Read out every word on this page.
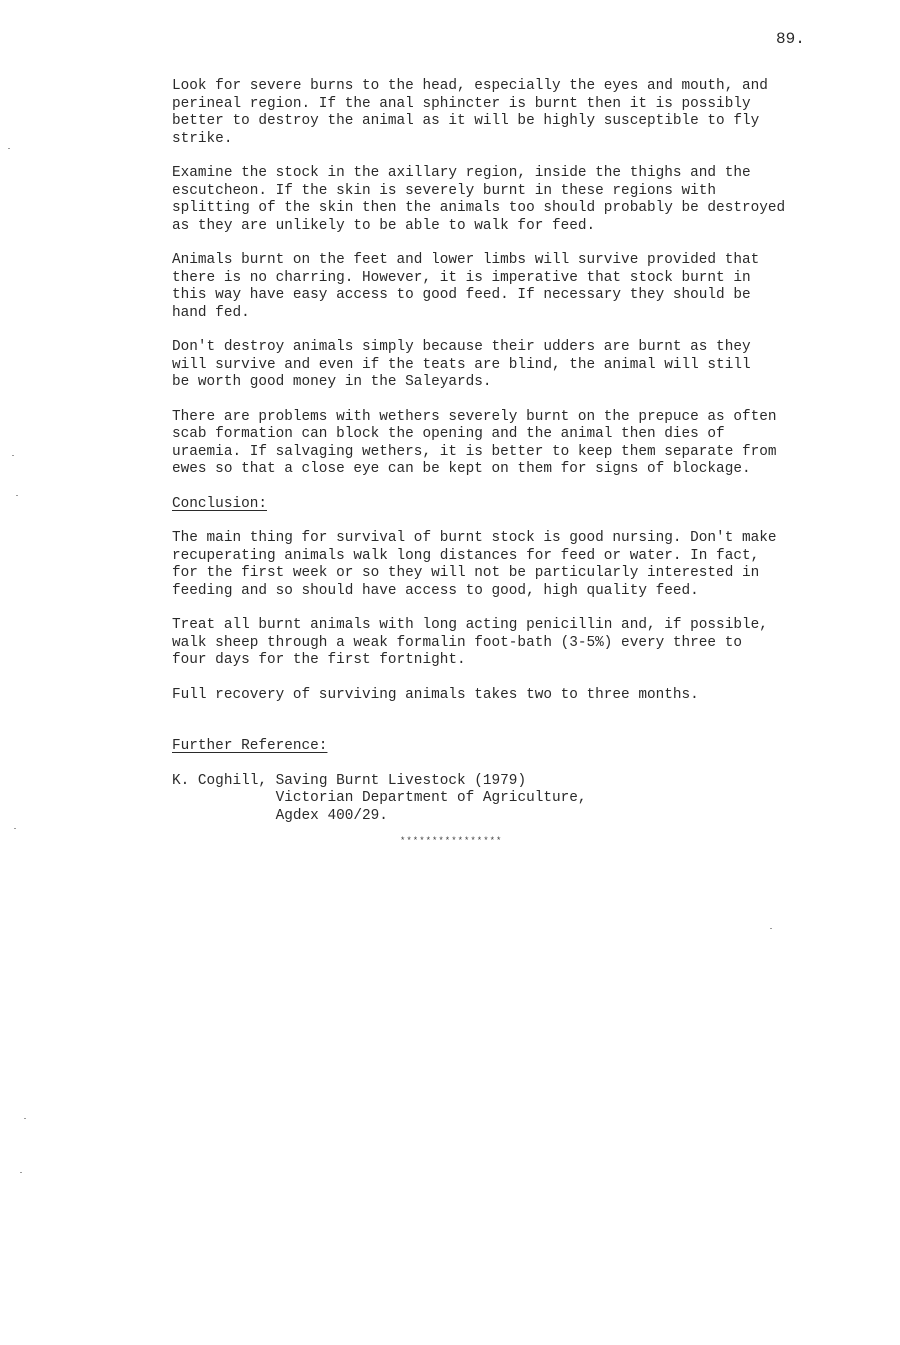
89.

Look for severe burns to the head, especially the eyes and mouth, and
perineal region. If the anal sphincter is burnt then it is possibly
better to destroy the animal as it will be highly susceptible to fly
strike.

Examine the stock in the axillary region, inside the thighs and the
escutcheon. If the skin is severely burnt in these regions with
splitting of the skin then the animals too should probably be destroyed
as they are unlikely to be able to walk for feed.

Animals burnt on the feet and lower limbs will survive provided that
there is no charring. However, it is imperative that stock burnt in
this way have easy access to good feed. If necessary they should be
hand fed.

Don't destroy animals simply because their udders are burnt as they
will survive and even if the teats are blind, the animal will still
be worth good money in the Saleyards.

There are problems with wethers severely burnt on the prepuce as often
scab formation can block the opening and the animal then dies of
uraemia. If salvaging wethers, it is better to keep them separate from
ewes so that a close eye can be kept on them for signs of blockage.

Conclusion:

The main thing for survival of burnt stock is good nursing. Don't make
recuperating animals walk long distances for feed or water. In fact,
for the first week or so they will not be particularly interested in
feeding and so should have access to good, high quality feed.

Treat all burnt animals with long acting penicillin and, if possible,
walk sheep through a weak formalin foot-bath (3-5%) every three to
four days for the first fortnight.

Full recovery of surviving animals takes two to three months.

Further Reference:

K. Coghill, Saving Burnt Livestock (1979)
Victorian Department of Agriculture,
Agdex 400/29.
****************
